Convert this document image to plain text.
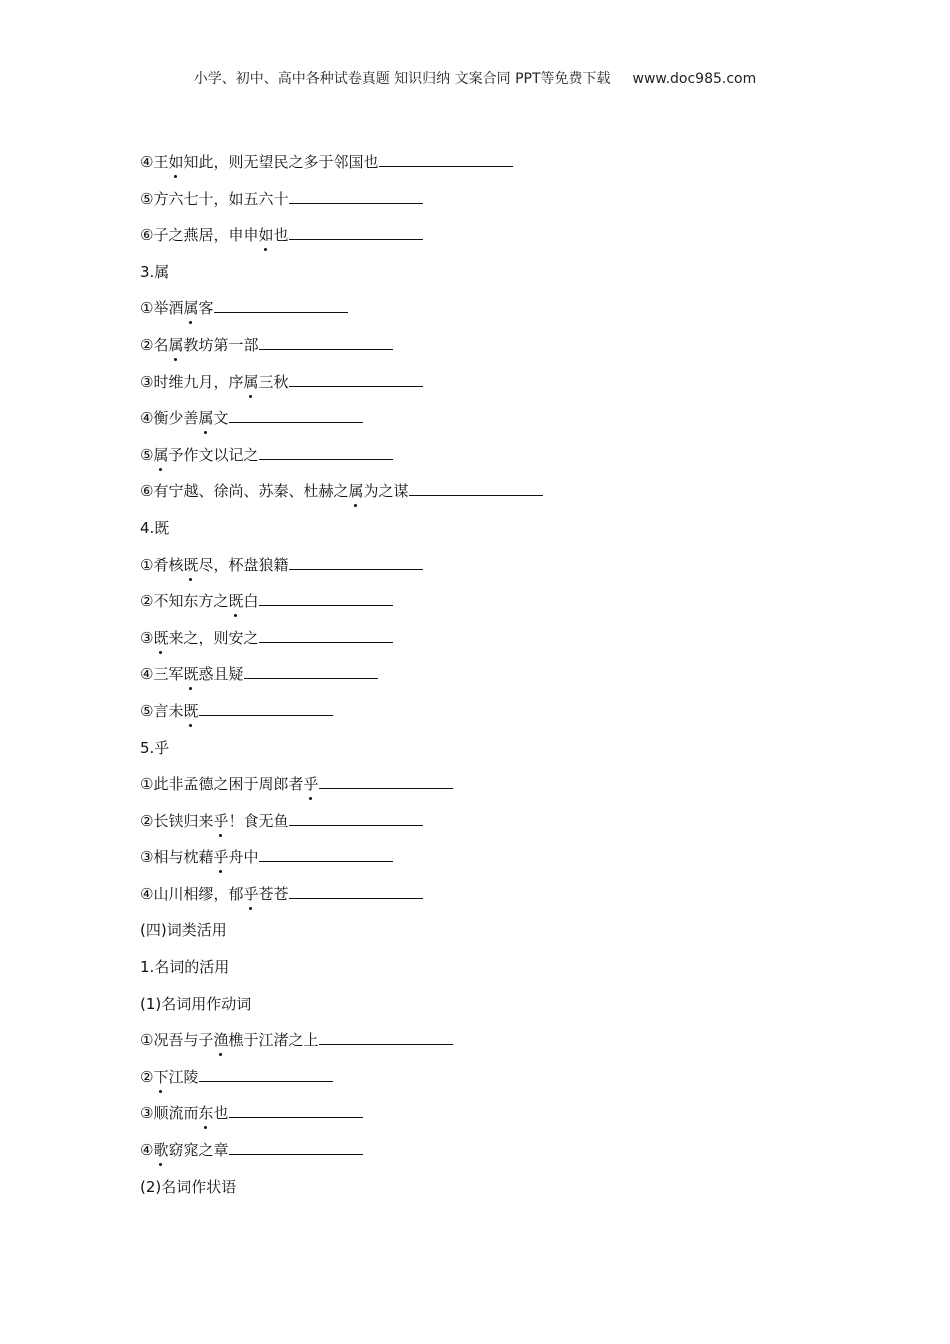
小学、初中、高中各种试卷真题 知识归纳 文案合同 PPT等免费下载 www.doc985.com
④王如知此，则无望民之多于邻国也
⑤方六七十，如五六十
⑥子之燕居，申申如也
3.属
①举酒属客
②名属教坊第一部
③时维九月，序属三秋
④衡少善属文
⑤属予作文以记之
⑥有宁越、徐尚、苏秦、杜赫之属为之谋
4.既
①肴核既尽，杯盘狼籍
②不知东方之既白
③既来之，则安之
④三军既惑且疑
⑤言未既
5.乎
①此非孟德之困于周郎者乎
②长铗归来乎！食无鱼
③相与枕藉乎舟中
④山川相缪，郁乎苍苍
(四)词类活用
1.名词的活用
(1)名词用作动词
①况吾与子渔樵于江渚之上
②下江陵
③顺流而东也
④歌窈窕之章
(2)名词作状语
